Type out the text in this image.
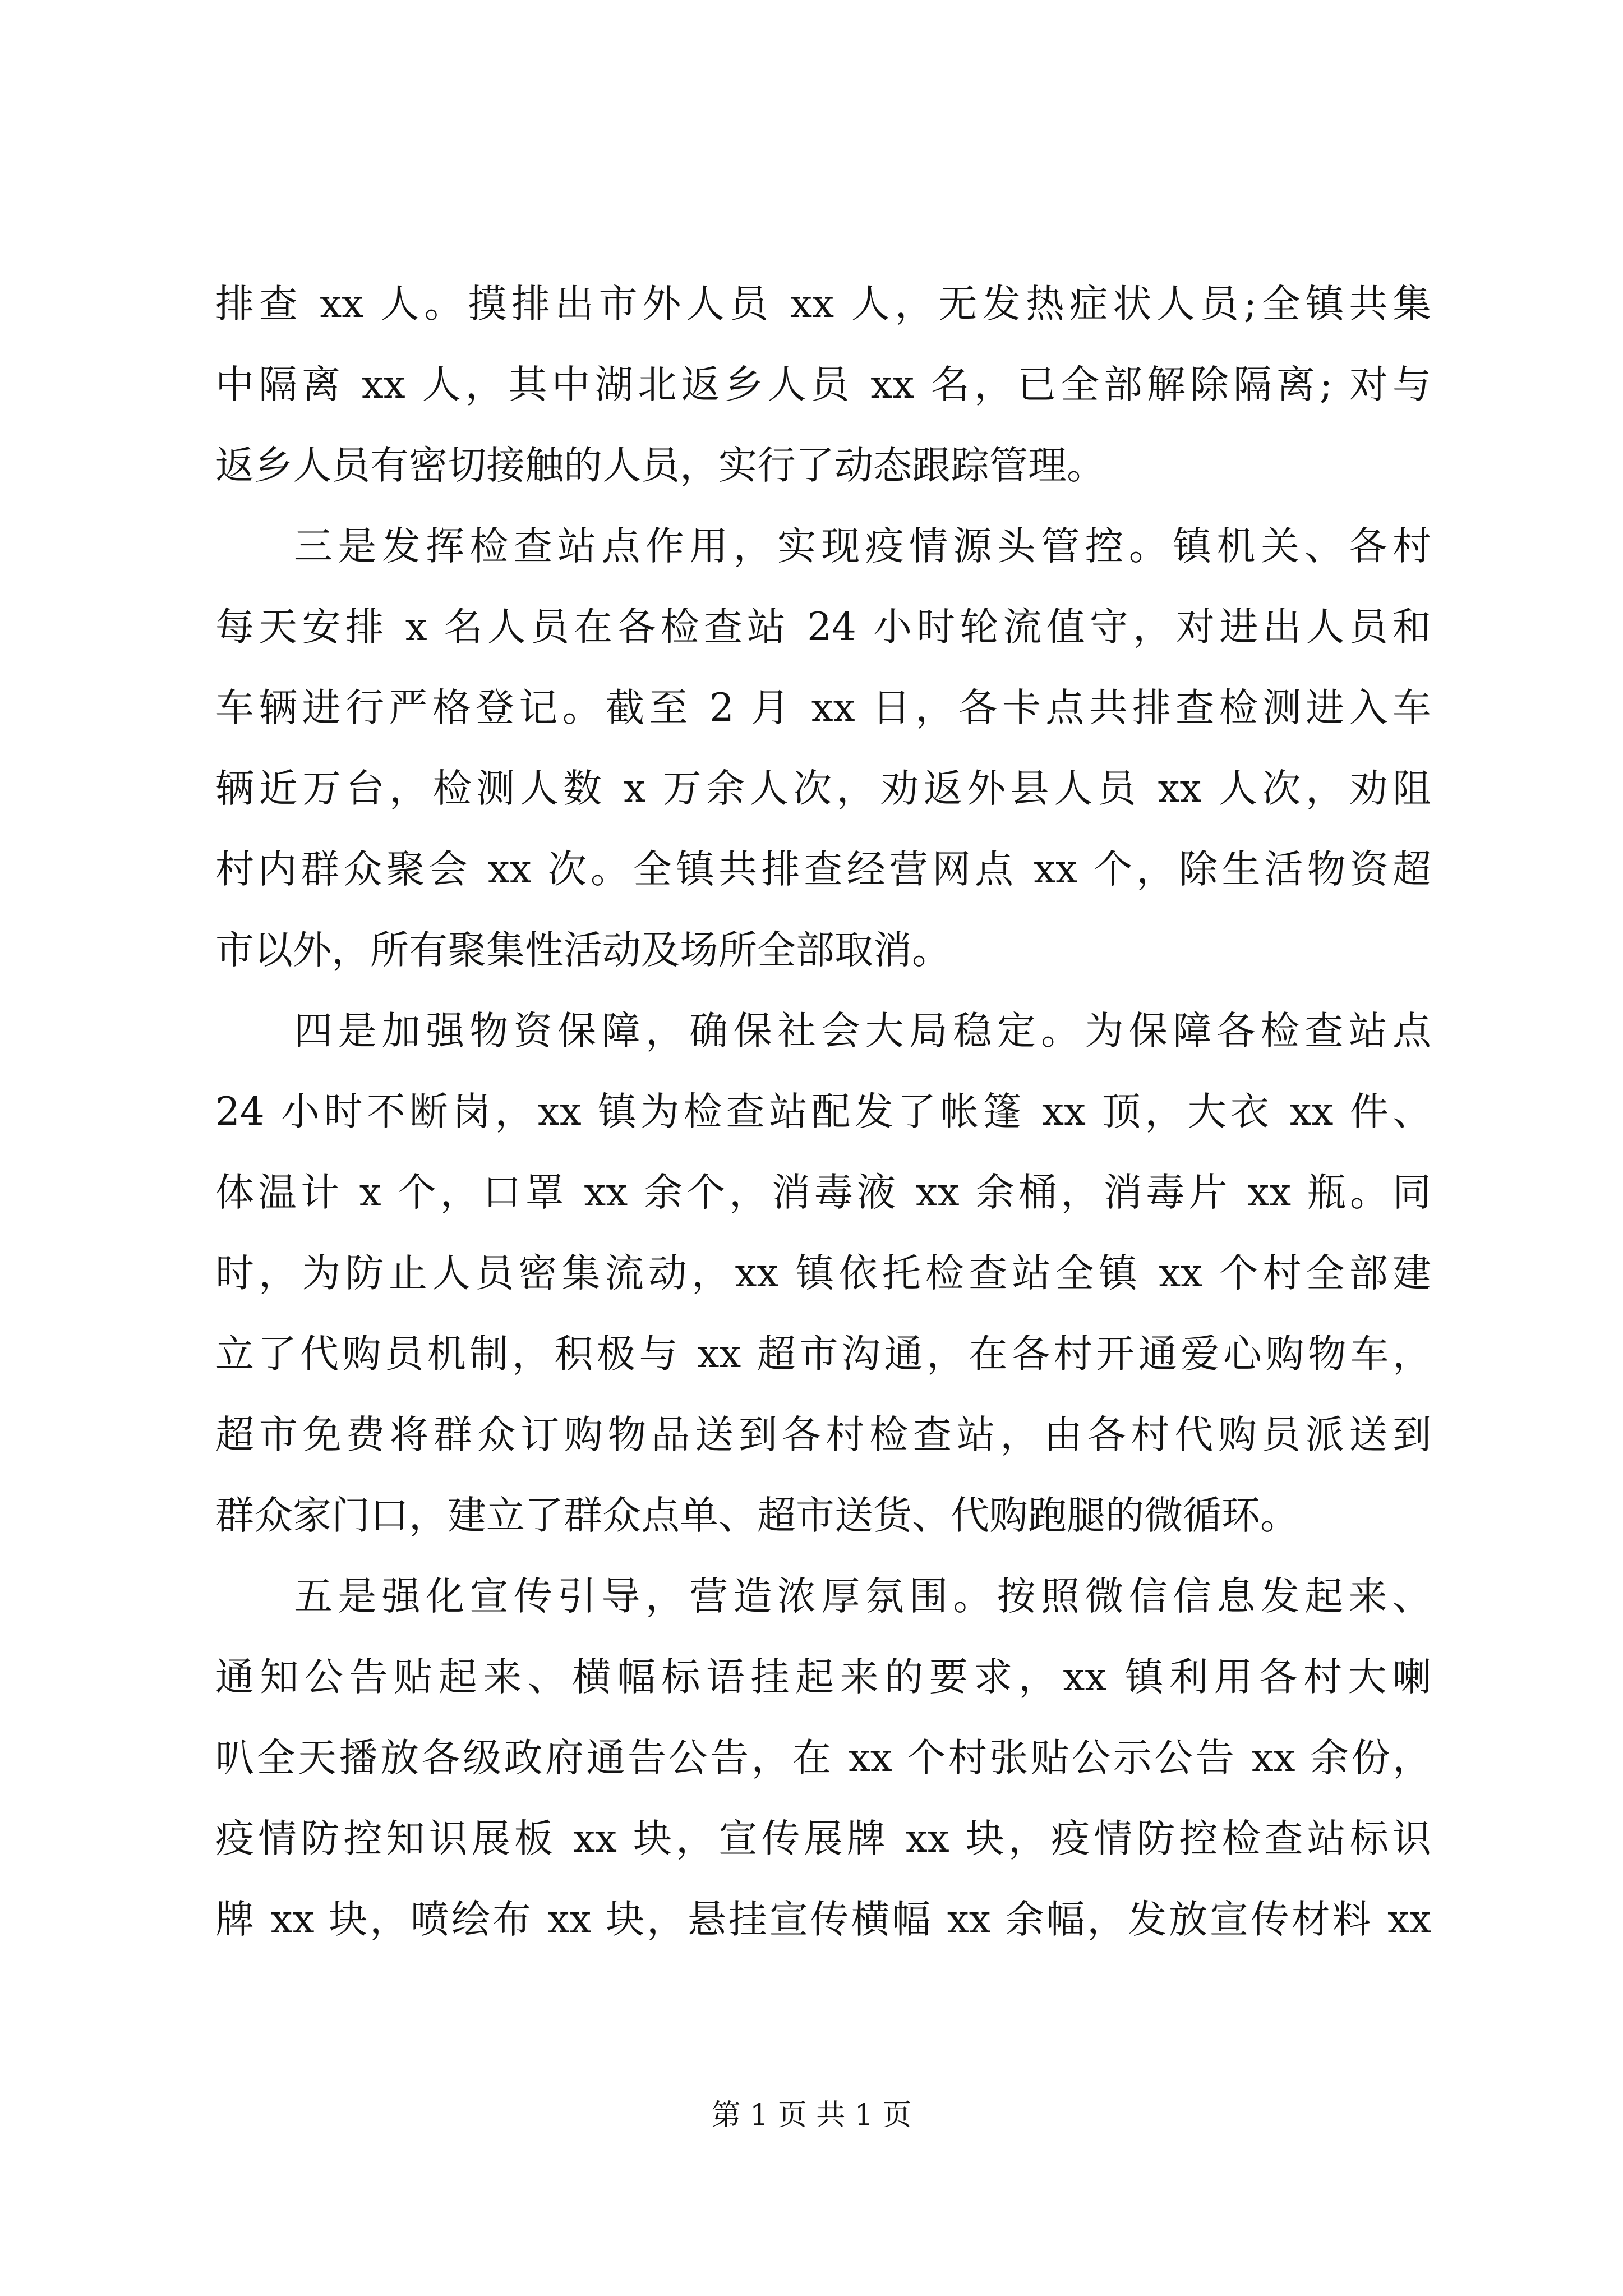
排查 xx 人。摸排出市外人员 xx 人，无发热症状人员;全镇共集
中隔离 xx 人，其中湖北返乡人员 xx 名，已全部解除隔离; 对与
返乡人员有密切接触的人员，实行了动态跟踪管理。
三是发挥检查站点作用，实现疫情源头管控。镇机关、各村
每天安排 x 名人员在各检查站 24 小时轮流值守，对进出人员和
车辆进行严格登记。截至 2 月 xx 日，各卡点共排查检测进入车
辆近万台，检测人数 x 万余人次，劝返外县人员 xx 人次，劝阻
村内群众聚会 xx 次。全镇共排查经营网点 xx 个，除生活物资超
市以外，所有聚集性活动及场所全部取消。
四是加强物资保障，确保社会大局稳定。为保障各检查站点
24 小时不断岗，xx 镇为检查站配发了帐篷 xx 顶，大衣 xx 件、
体温计 x 个，口罩 xx 余个，消毒液 xx 余桶，消毒片 xx 瓶。同
时，为防止人员密集流动，xx 镇依托检查站全镇 xx 个村全部建
立了代购员机制，积极与 xx 超市沟通，在各村开通爱心购物车，
超市免费将群众订购物品送到各村检查站，由各村代购员派送到
群众家门口，建立了群众点单、超市送货、代购跑腿的微循环。
五是强化宣传引导，营造浓厚氛围。按照微信信息发起来、
通知公告贴起来、横幅标语挂起来的要求，xx 镇利用各村大喇
叭全天播放各级政府通告公告，在 xx 个村张贴公示公告 xx 余份，
疫情防控知识展板 xx 块，宣传展牌 xx 块，疫情防控检查站标识
牌 xx 块，喷绘布 xx 块，悬挂宣传横幅 xx 余幅，发放宣传材料 xx
第 1 页 共 1 页
